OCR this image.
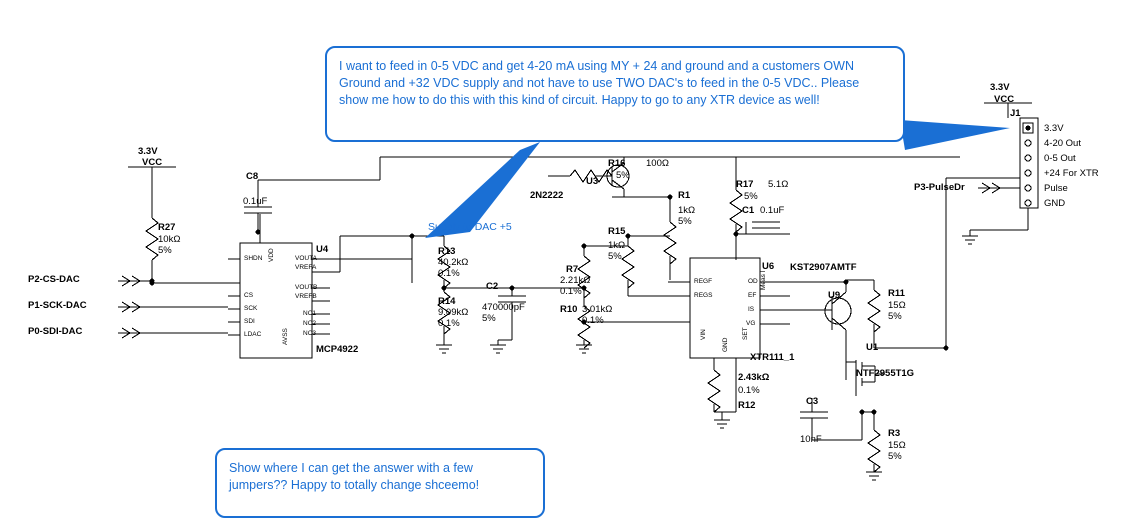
3.3V
VCC
R27
10kΩ
5%
C8
0.1uF
U4
MCP4922
SHDN
CS
SCK
SDI
LDAC
VDD
AVSS
VOUTA
VREFA
VOUTB
VREFB
NC1
NC2
NC3
P2-CS-DAC
P1-SCK-DAC
P0-SDI-DAC
Supply to DAC +5
R13
40.2kΩ
0.1%
R14
9.09kΩ
0.1%
C2
470000pF
5%
R7
2.21kΩ
0.1%
R10 3.01kΩ
0.1%
R15
1kΩ
5%
R1
1kΩ
5%
R16 100Ω
5%
U3
2N2222
R17 5.1Ω
5%
C1 0.1uF
U6
XTR111_1
REGF
REGS
VIN
OD
EF
IS
VG
SET
GND
Meas I
2.43kΩ
0.1%
R12
KST2907AMTF
U9	R11
15Ω
5%
U1
NTF2955T1G
C3
10nF
R3
15Ω
5%
P3-PulseDr
3.3V
VCC
J1
3.3V
4-20 Out
0-5 Out
+24 For XTR
Pulse
GND
I want to feed in 0-5 VDC and get 4-20 mA using MY + 24 and ground and a customers OWN Ground and +32 VDC supply and not have to use TWO DAC's to feed in the 0-5 VDC.. Please show me how to do this with this kind of circuit. Happy to go to any XTR device as well!
Show where I can get the answer with a few jumpers?? Happy to totally change shceemo!
